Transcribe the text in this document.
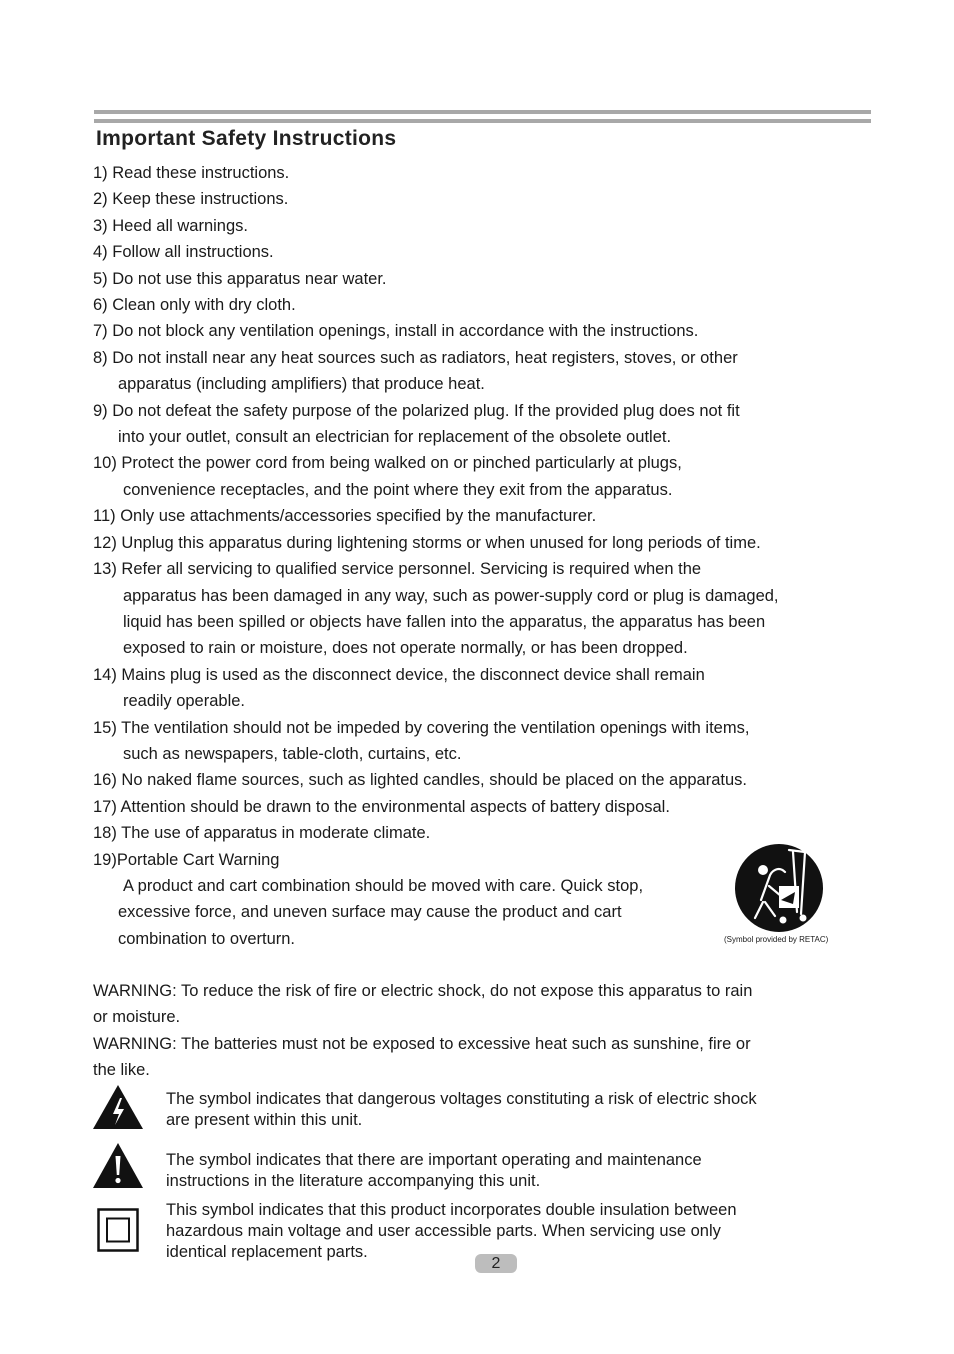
Important Safety Instructions
1) Read these instructions.
2) Keep these instructions.
3) Heed all warnings.
4) Follow all instructions.
5) Do not use this apparatus near water.
6) Clean only with dry cloth.
7) Do not block any ventilation openings, install in accordance with the instructions.
8) Do not install near any heat sources such as radiators, heat registers, stoves, or other
apparatus (including amplifiers) that produce heat.
9) Do not defeat the safety purpose of the polarized plug. If the provided plug does not fit
into your outlet, consult an electrician for replacement of the obsolete outlet.
10) Protect the power cord from being walked on or pinched particularly at plugs,
convenience receptacles, and the point where they exit from the apparatus.
11) Only use attachments/accessories specified by the manufacturer.
12) Unplug this apparatus during lightening storms or when unused for long periods of time.
13) Refer all servicing to qualified service personnel. Servicing is required when the
apparatus has been damaged in any way, such as power-supply cord or plug is damaged,
liquid has been spilled or objects have fallen into the apparatus, the apparatus has been
exposed to rain or moisture, does not operate normally, or has been dropped.
14) Mains plug is used as the disconnect device, the disconnect device shall remain
readily operable.
15) The ventilation should not be impeded by covering the ventilation openings with items,
such as newspapers, table-cloth, curtains, etc.
16) No naked flame sources, such as lighted candles, should be placed on the apparatus.
17) Attention should be drawn to the environmental aspects of battery disposal.
18) The use of apparatus in moderate climate.
19)Portable Cart Warning
A product and cart combination should be moved with care. Quick stop,
excessive force, and uneven surface may cause the product and cart
combination to overturn.	(Symbol provided by RETAC)
WARNING: To reduce the risk of fire or electric shock, do not expose this apparatus to rain
or moisture.
WARNING: The batteries must not be exposed to excessive heat such as sunshine, fire or
the like.
The symbol indicates that dangerous voltages constituting a risk of electric shock
are present within this unit.
The symbol indicates that there are important operating and maintenance
instructions in the literature accompanying this unit.
This symbol indicates that this product incorporates double insulation between
hazardous main voltage and user accessible parts. When servicing use only
identical replacement parts.
2
